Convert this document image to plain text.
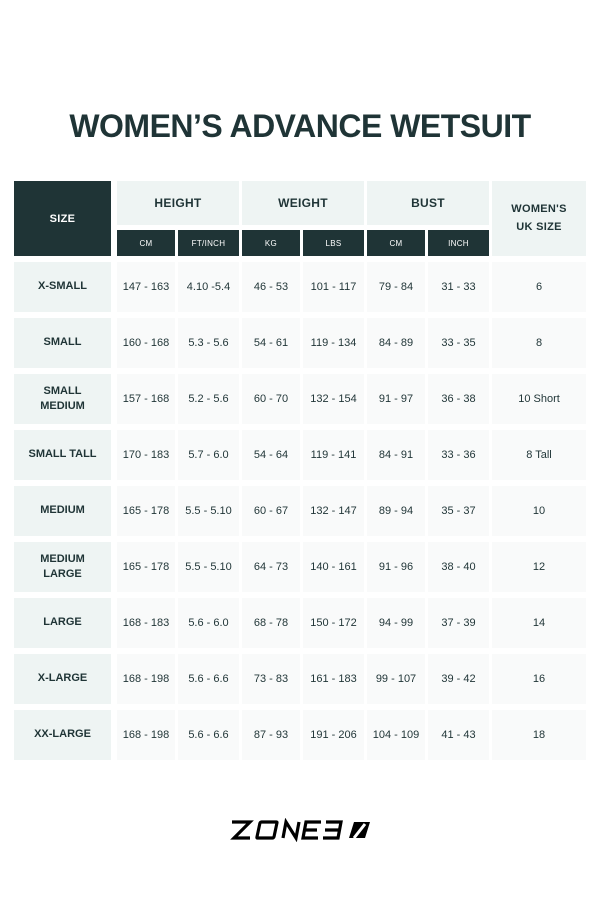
WOMEN’S ADVANCE WETSUIT
SIZE
HEIGHT
CM	FT/INCH
WEIGHT
KG	LBS
BUST
CM	INCH
WOMEN'S
UK SIZE
X-SMALL	147 - 163	4.10 -5.4	46 - 53	101 - 117	79 - 84	31 - 33	6
SMALL	160 - 168	5.3 - 5.6	54 - 61	119 - 134	84 - 89	33 - 35	8
SMALL
MEDIUM
157 - 168	5.2 - 5.6	60 - 70	132 - 154	91 - 97	36 - 38	10 Short
SMALL TALL	170 - 183	5.7 - 6.0	54 - 64	119 - 141	84 - 91	33 - 36	8 Tall
MEDIUM	165 - 178	5.5 - 5.10	60 - 67	132 - 147	89 - 94	35 - 37	10
MEDIUM
LARGE
165 - 178	5.5 - 5.10	64 - 73	140 - 161	91 - 96	38 - 40	12
LARGE	168 - 183	5.6 - 6.0	68 - 78	150 - 172	94 - 99	37 - 39	14
X-LARGE	168 - 198	5.6 - 6.6	73 - 83	161 - 183	99 - 107	39 - 42	16
XX-LARGE	168 - 198	5.6 - 6.6	87 - 93	191 - 206	104 - 109	41 - 43	18
